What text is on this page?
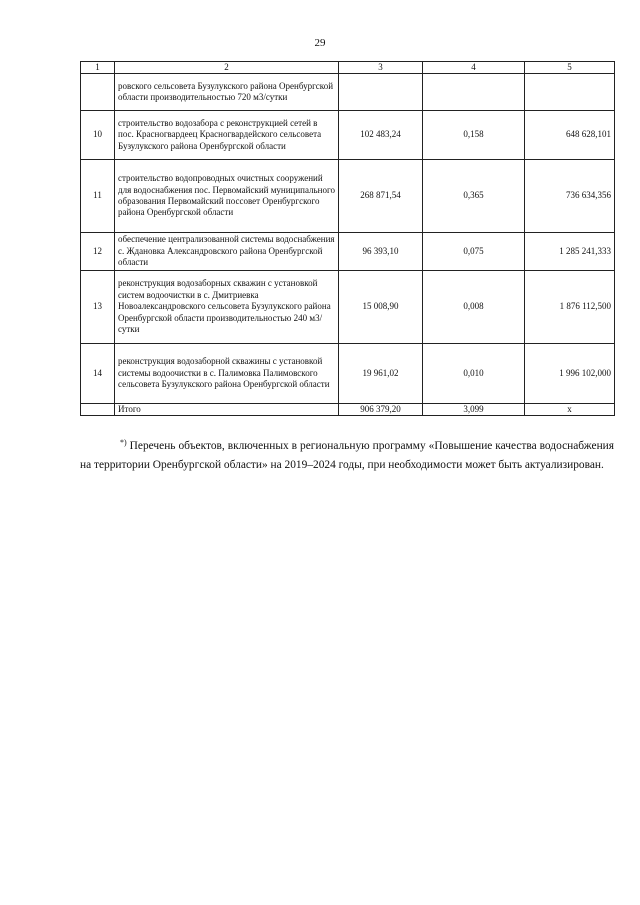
29
1	2	3	4	5
	ровского сельсовета Бузулукского района Оренбургской области производительностью 720 м3/сутки			
10	строительство водозабора с реконструкцией сетей в пос. Красногвардеец Красногвардейского сельсовета Бузулукского района Оренбургской области	102 483,24	0,158	648 628,101
11	строительство водопроводных очистных сооружений для водоснабжения пос. Первомайский муниципального образования Первомайский поссовет Оренбургского района Оренбургской области	268 871,54	0,365	736 634,356
12	обеспечение централизованной системы водоснабжения с. Ждановка Александровского района Оренбургской области	96 393,10	0,075	1 285 241,333
13	реконструкция водозаборных скважин с установкой систем водоочистки в с. Дмитриевка Новоалександровского сельсовета Бузулукского района Оренбургской области производительностью 240 м3/сутки	15 008,90	0,008	1 876 112,500
14	реконструкция водозаборной скважины с установкой системы водоочистки в с. Палимовка Палимовского сельсовета Бузулукского района Оренбургской области	19 961,02	0,010	1 996 102,000
	Итого	906 379,20	3,099	х

*) Перечень объектов, включенных в региональную программу «Повышение качества водоснабжения на территории Оренбургской области» на 2019–2024 годы, при необходимости может быть актуализирован.
